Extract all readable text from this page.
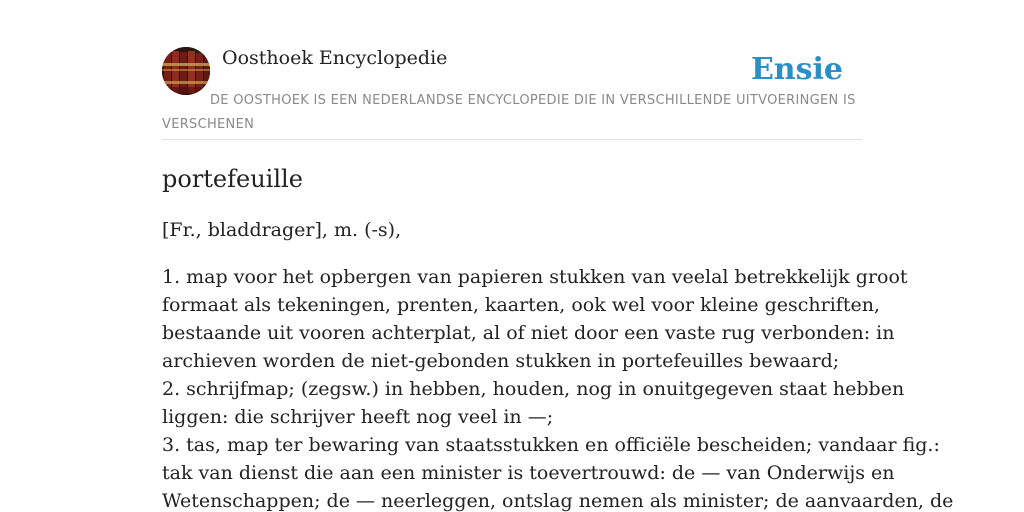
Oosthoek Encyclopedie	Ensie
DE OOSTHOEK IS EEN NEDERLANDSE ENCYCLOPEDIE DIE IN VERSCHILLENDE UITVOERINGEN IS VERSCHENEN
portefeuille

[Fr., bladdrager], m. (-s),

1. map voor het opbergen van papieren stukken van veelal betrekkelijk groot
formaat als tekeningen, prenten, kaarten, ook wel voor kleine geschriften,
bestaande uit vooren achterplat, al of niet door een vaste rug verbonden: in
archieven worden de niet-gebonden stukken in portefeuilles bewaard;
2. schrijfmap; (zegsw.) in hebben, houden, nog in onuitgegeven staat hebben
liggen: die schrijver heeft nog veel in —;
3. tas, map ter bewaring van staatsstukken en officiële bescheiden; vandaar fig.:
tak van dienst die aan een minister is toevertrouwd: de — van Onderwijs en
Wetenschappen; de — neerleggen, ontslag nemen als minister; de aanvaarden, de
